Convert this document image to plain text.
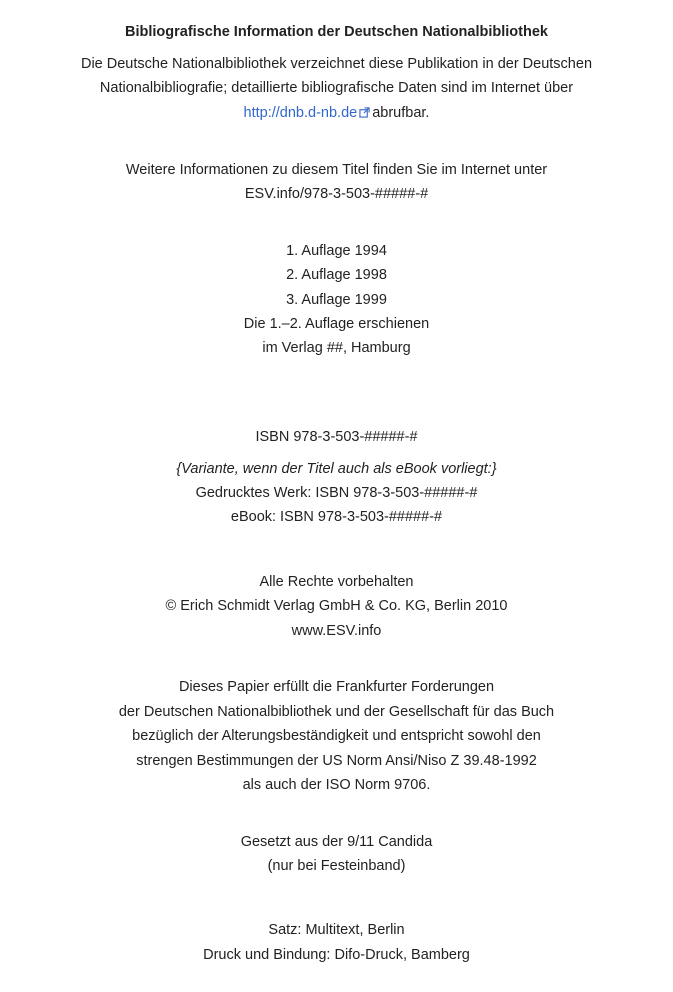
Bibliografische Information der Deutschen Nationalbibliothek
Die Deutsche Nationalbibliothek verzeichnet diese Publikation in der Deutschen
Nationalbibliografie; detaillierte bibliografische Daten sind im Internet über
http://dnb.d-nb.de abrufbar.
Weitere Informationen zu diesem Titel finden Sie im Internet unter
ESV.info/978-3-503-#####-#
1. Auflage 1994
2. Auflage 1998
3. Auflage 1999
Die 1.–2. Auflage erschienen
im Verlag ##, Hamburg
ISBN 978-3-503-#####-#
{Variante, wenn der Titel auch als eBook vorliegt:}
Gedrucktes Werk: ISBN 978-3-503-#####-#
eBook: ISBN 978-3-503-#####-#
Alle Rechte vorbehalten
© Erich Schmidt Verlag GmbH & Co. KG, Berlin 2010
www.ESV.info
Dieses Papier erfüllt die Frankfurter Forderungen
der Deutschen Nationalbibliothek und der Gesellschaft für das Buch
bezüglich der Alterungsbeständigkeit und entspricht sowohl den
strengen Bestimmungen der US Norm Ansi/Niso Z 39.48-1992
als auch der ISO Norm 9706.
Gesetzt aus der 9/11 Candida
(nur bei Festeinband)
Satz: Multitext, Berlin
Druck und Bindung: Difo-Druck, Bamberg
